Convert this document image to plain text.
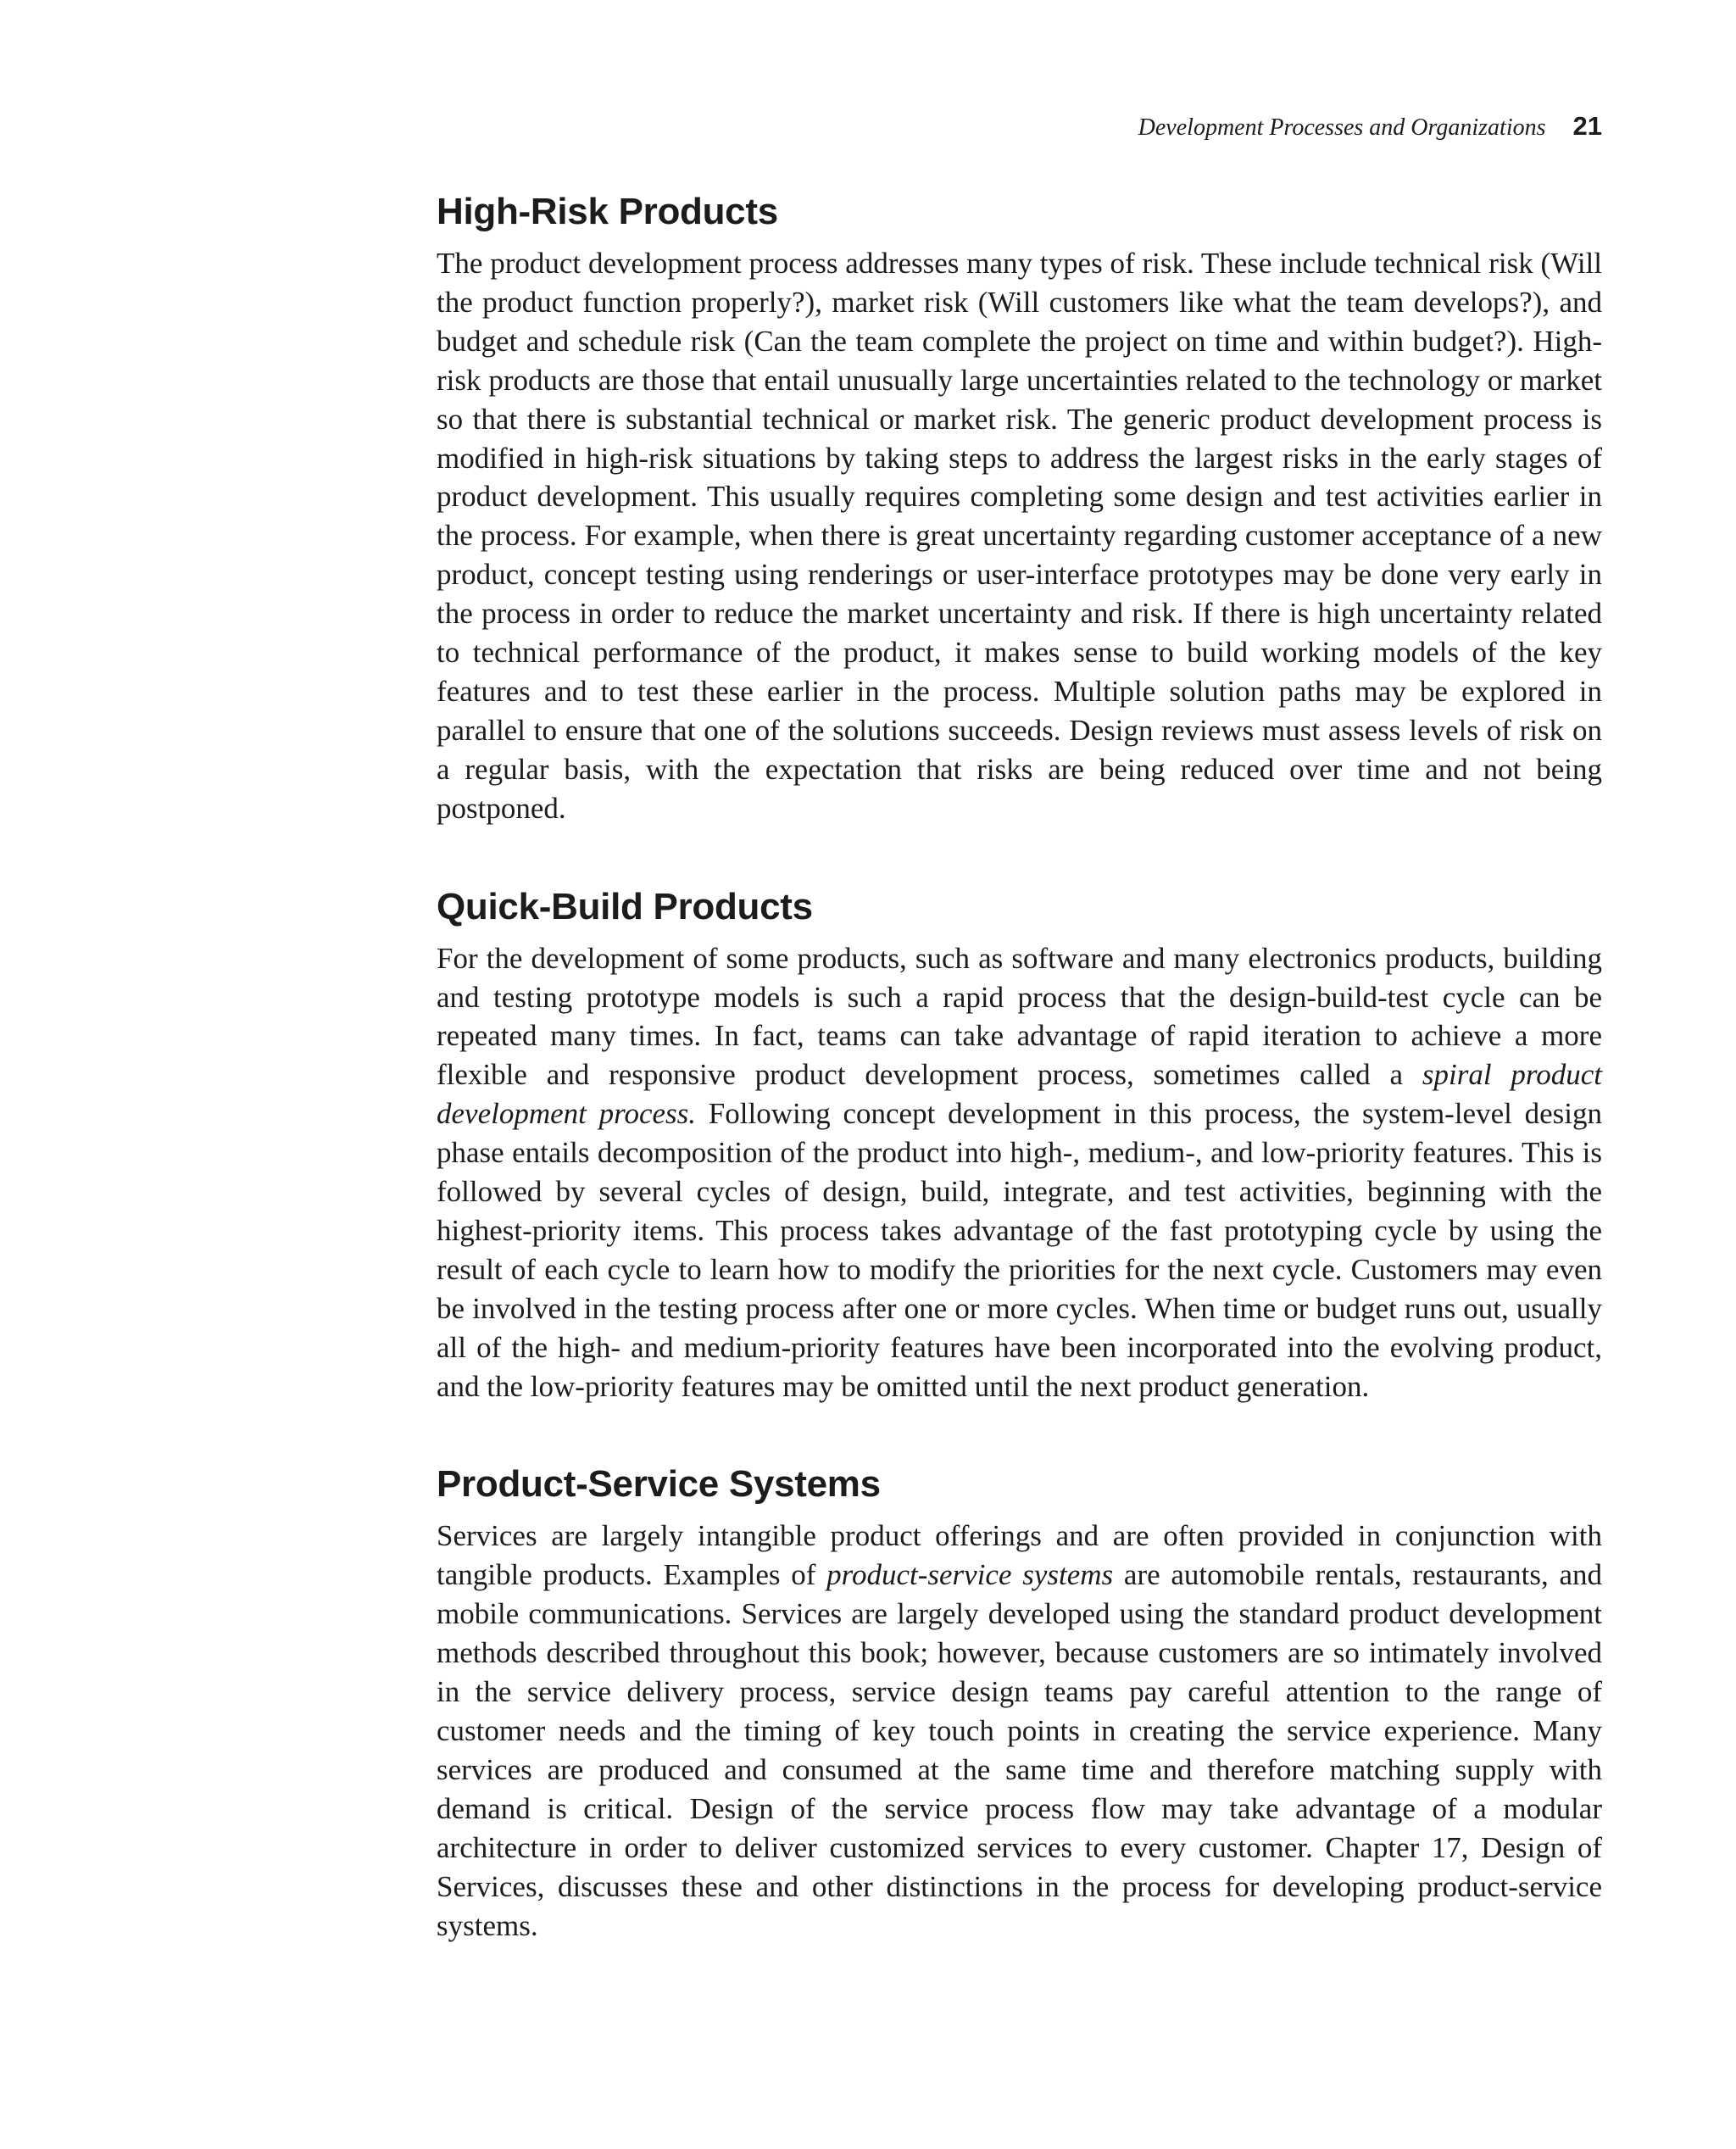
Development Processes and Organizations 21
High-Risk Products

The product development process addresses many types of risk. These include technical risk (Will the product function properly?), market risk (Will customers like what the team develops?), and budget and schedule risk (Can the team complete the project on time and within budget?). High-risk products are those that entail unusually large uncertainties related to the technology or market so that there is substantial technical or market risk. The generic product development process is modified in high-risk situations by taking steps to address the largest risks in the early stages of product development. This usually requires completing some design and test activities earlier in the process. For example, when there is great uncertainty regarding customer acceptance of a new product, concept testing using renderings or user-interface prototypes may be done very early in the process in order to reduce the market uncertainty and risk. If there is high uncertainty related to technical performance of the product, it makes sense to build working models of the key features and to test these earlier in the process. Multiple solution paths may be explored in parallel to ensure that one of the solutions succeeds. Design reviews must assess levels of risk on a regular basis, with the expectation that risks are being reduced over time and not being postponed.

Quick-Build Products

For the development of some products, such as software and many electronics products, building and testing prototype models is such a rapid process that the design-build-test cycle can be repeated many times. In fact, teams can take advantage of rapid iteration to achieve a more flexible and responsive product development process, sometimes called a spiral product development process. Following concept development in this process, the system-level design phase entails decomposition of the product into high-, medium-, and low-priority features. This is followed by several cycles of design, build, integrate, and test activities, beginning with the highest-priority items. This process takes advantage of the fast prototyping cycle by using the result of each cycle to learn how to modify the priorities for the next cycle. Customers may even be involved in the testing process after one or more cycles. When time or budget runs out, usually all of the high- and medium-priority features have been incorporated into the evolving product, and the low-priority features may be omitted until the next product generation.

Product-Service Systems

Services are largely intangible product offerings and are often provided in conjunction with tangible products. Examples of product-service systems are automobile rentals, restaurants, and mobile communications. Services are largely developed using the standard product development methods described throughout this book; however, because customers are so intimately involved in the service delivery process, service design teams pay careful attention to the range of customer needs and the timing of key touch points in creating the service experience. Many services are produced and consumed at the same time and therefore matching supply with demand is critical. Design of the service process flow may take advantage of a modular architecture in order to deliver customized services to every customer. Chapter 17, Design of Services, discusses these and other distinctions in the process for developing product-service systems.
